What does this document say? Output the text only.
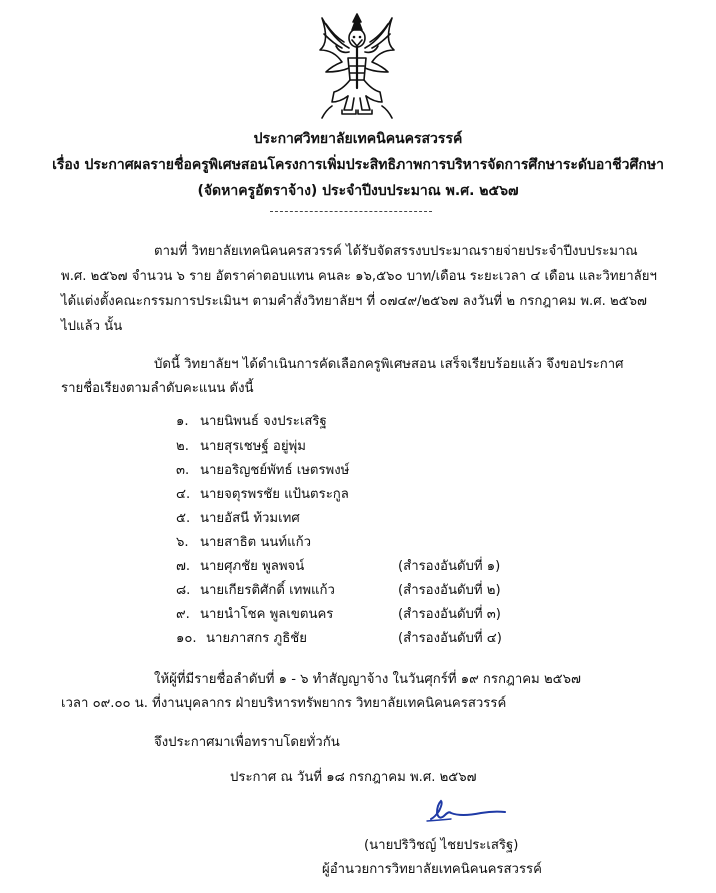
ประกาศวิทยาลัยเทคนิคนครสวรรค์
เรื่อง ประกาศผลรายชื่อครูพิเศษสอนโครงการเพิ่มประสิทธิภาพการบริหารจัดการศึกษาระดับอาชีวศึกษา
(จัดหาครูอัตราจ้าง) ประจำปีงบประมาณ พ.ศ. ๒๕๖๗
ตามที่ วิทยาลัยเทคนิคนครสวรรค์ ได้รับจัดสรรงบประมาณรายจ่ายประจำปีงบประมาณ
พ.ศ. ๒๕๖๗ จำนวน ๖ ราย อัตราค่าตอบแทน คนละ ๑๖,๕๖๐ บาท/เดือน ระยะเวลา ๔ เดือน และวิทยาลัยฯ
ได้แต่งตั้งคณะกรรมการประเมินฯ ตามคำสั่งวิทยาลัยฯ ที่ ๐๗๔๙/๒๕๖๗ ลงวันที่ ๒ กรกฎาคม พ.ศ. ๒๕๖๗
ไปแล้ว นั้น
บัดนี้ วิทยาลัยฯ ได้ดำเนินการคัดเลือกครูพิเศษสอน เสร็จเรียบร้อยแล้ว จึงขอประกาศ
รายชื่อเรียงตามลำดับคะแนน ดังนี้
๑. นายนิพนธ์ จงประเสริฐ
๒. นายสุรเชษฐ์ อยู่พุ่ม
๓. นายอริญชย์พัทธ์ เษตรพงษ์
๔. นายจตุรพรชัย แป้นตระกูล
๕. นายอัสนี ท้วมเทศ
๖. นายสาธิต นนท์แก้ว
๗. นายศุภชัย พูลพจน์	(สำรองอันดับที่ ๑)
๘. นายเกียรติศักดิ์ เทพแก้ว	(สำรองอันดับที่ ๒)
๙. นายนำโชค พูลเขตนคร	(สำรองอันดับที่ ๓)
๑๐. นายภาสกร ภูธิชัย	(สำรองอันดับที่ ๔)
ให้ผู้ที่มีรายชื่อลำดับที่ ๑ - ๖ ทำสัญญาจ้าง ในวันศุกร์ที่ ๑๙ กรกฎาคม ๒๕๖๗
เวลา ๐๙.๐๐ น. ที่งานบุคลากร ฝ่ายบริหารทรัพยากร วิทยาลัยเทคนิคนครสวรรค์
จึงประกาศมาเพื่อทราบโดยทั่วกัน
ประกาศ ณ วันที่ ๑๘ กรกฎาคม พ.ศ. ๒๕๖๗
(นายปริวิชญ์ ไชยประเสริฐ)
ผู้อำนวยการวิทยาลัยเทคนิคนครสวรรค์
